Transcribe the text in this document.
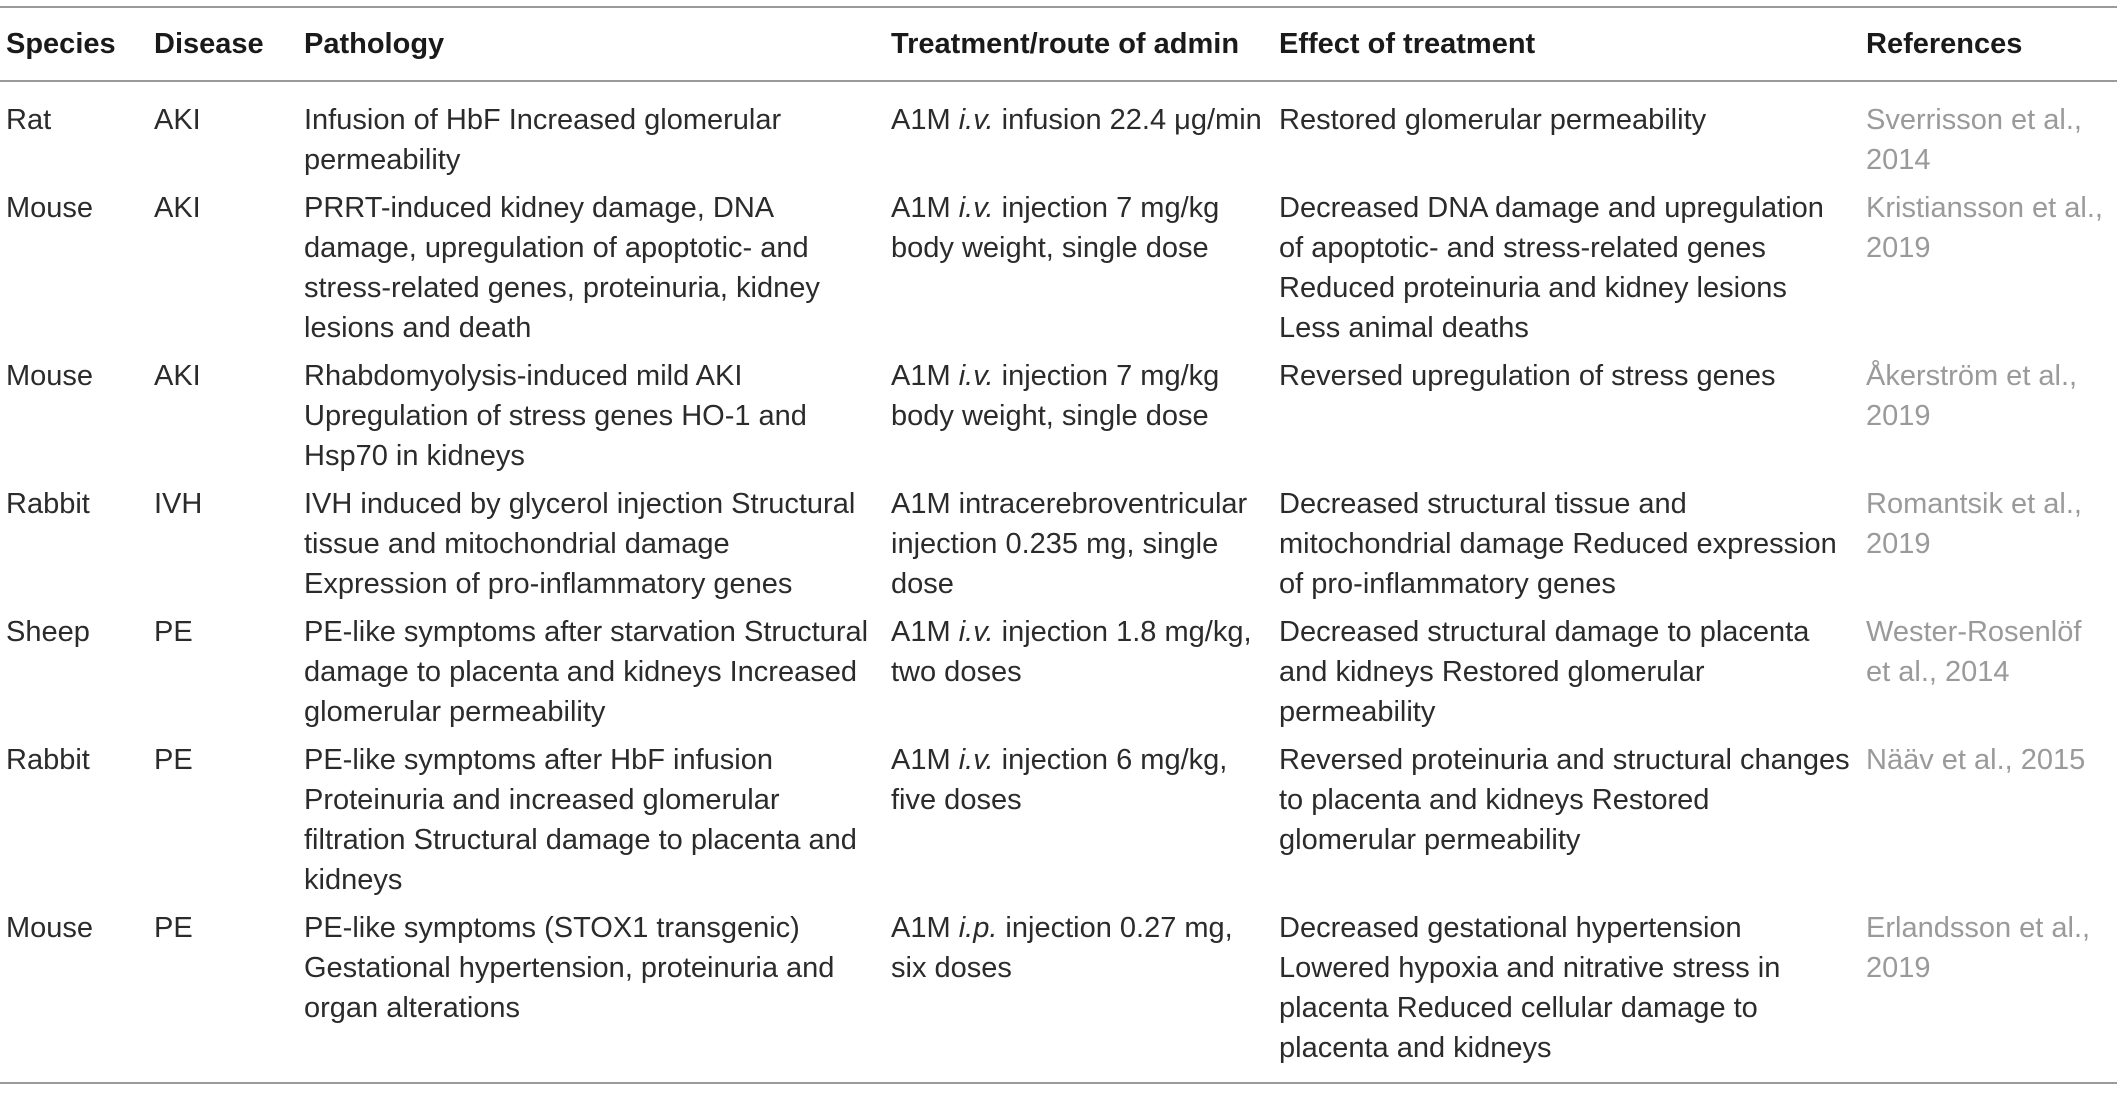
Species	Disease	Pathology	Treatment/route of admin	Effect of treatment	References
Rat	AKI	Infusion of HbF Increased glomerular permeability	A1M i.v. infusion 22.4 μg/min	Restored glomerular permeability	Sverrisson et al., 2014
Mouse	AKI	PRRT-induced kidney damage, DNA damage, upregulation of apoptotic- and stress-related genes, proteinuria, kidney lesions and death	A1M i.v. injection 7 mg/kg body weight, single dose	Decreased DNA damage and upregulation of apoptotic- and stress-related genes Reduced proteinuria and kidney lesions Less animal deaths	Kristiansson et al., 2019
Mouse	AKI	Rhabdomyolysis-induced mild AKI Upregulation of stress genes HO-1 and Hsp70 in kidneys	A1M i.v. injection 7 mg/kg body weight, single dose	Reversed upregulation of stress genes	Åkerström et al., 2019
Rabbit	IVH	IVH induced by glycerol injection Structural tissue and mitochondrial damage Expression of pro-inflammatory genes	A1M intracerebroventricular injection 0.235 mg, single dose	Decreased structural tissue and mitochondrial damage Reduced expression of pro-inflammatory genes	Romantsik et al., 2019
Sheep	PE	PE-like symptoms after starvation Structural damage to placenta and kidneys Increased glomerular permeability	A1M i.v. injection 1.8 mg/kg, two doses	Decreased structural damage to placenta and kidneys Restored glomerular permeability	Wester-Rosenlöf et al., 2014
Rabbit	PE	PE-like symptoms after HbF infusion Proteinuria and increased glomerular filtration Structural damage to placenta and kidneys	A1M i.v. injection 6 mg/kg, five doses	Reversed proteinuria and structural changes to placenta and kidneys Restored glomerular permeability	Nääv et al., 2015
Mouse	PE	PE-like symptoms (STOX1 transgenic) Gestational hypertension, proteinuria and organ alterations	A1M i.p. injection 0.27 mg, six doses	Decreased gestational hypertension Lowered hypoxia and nitrative stress in placenta Reduced cellular damage to placenta and kidneys	Erlandsson et al., 2019
